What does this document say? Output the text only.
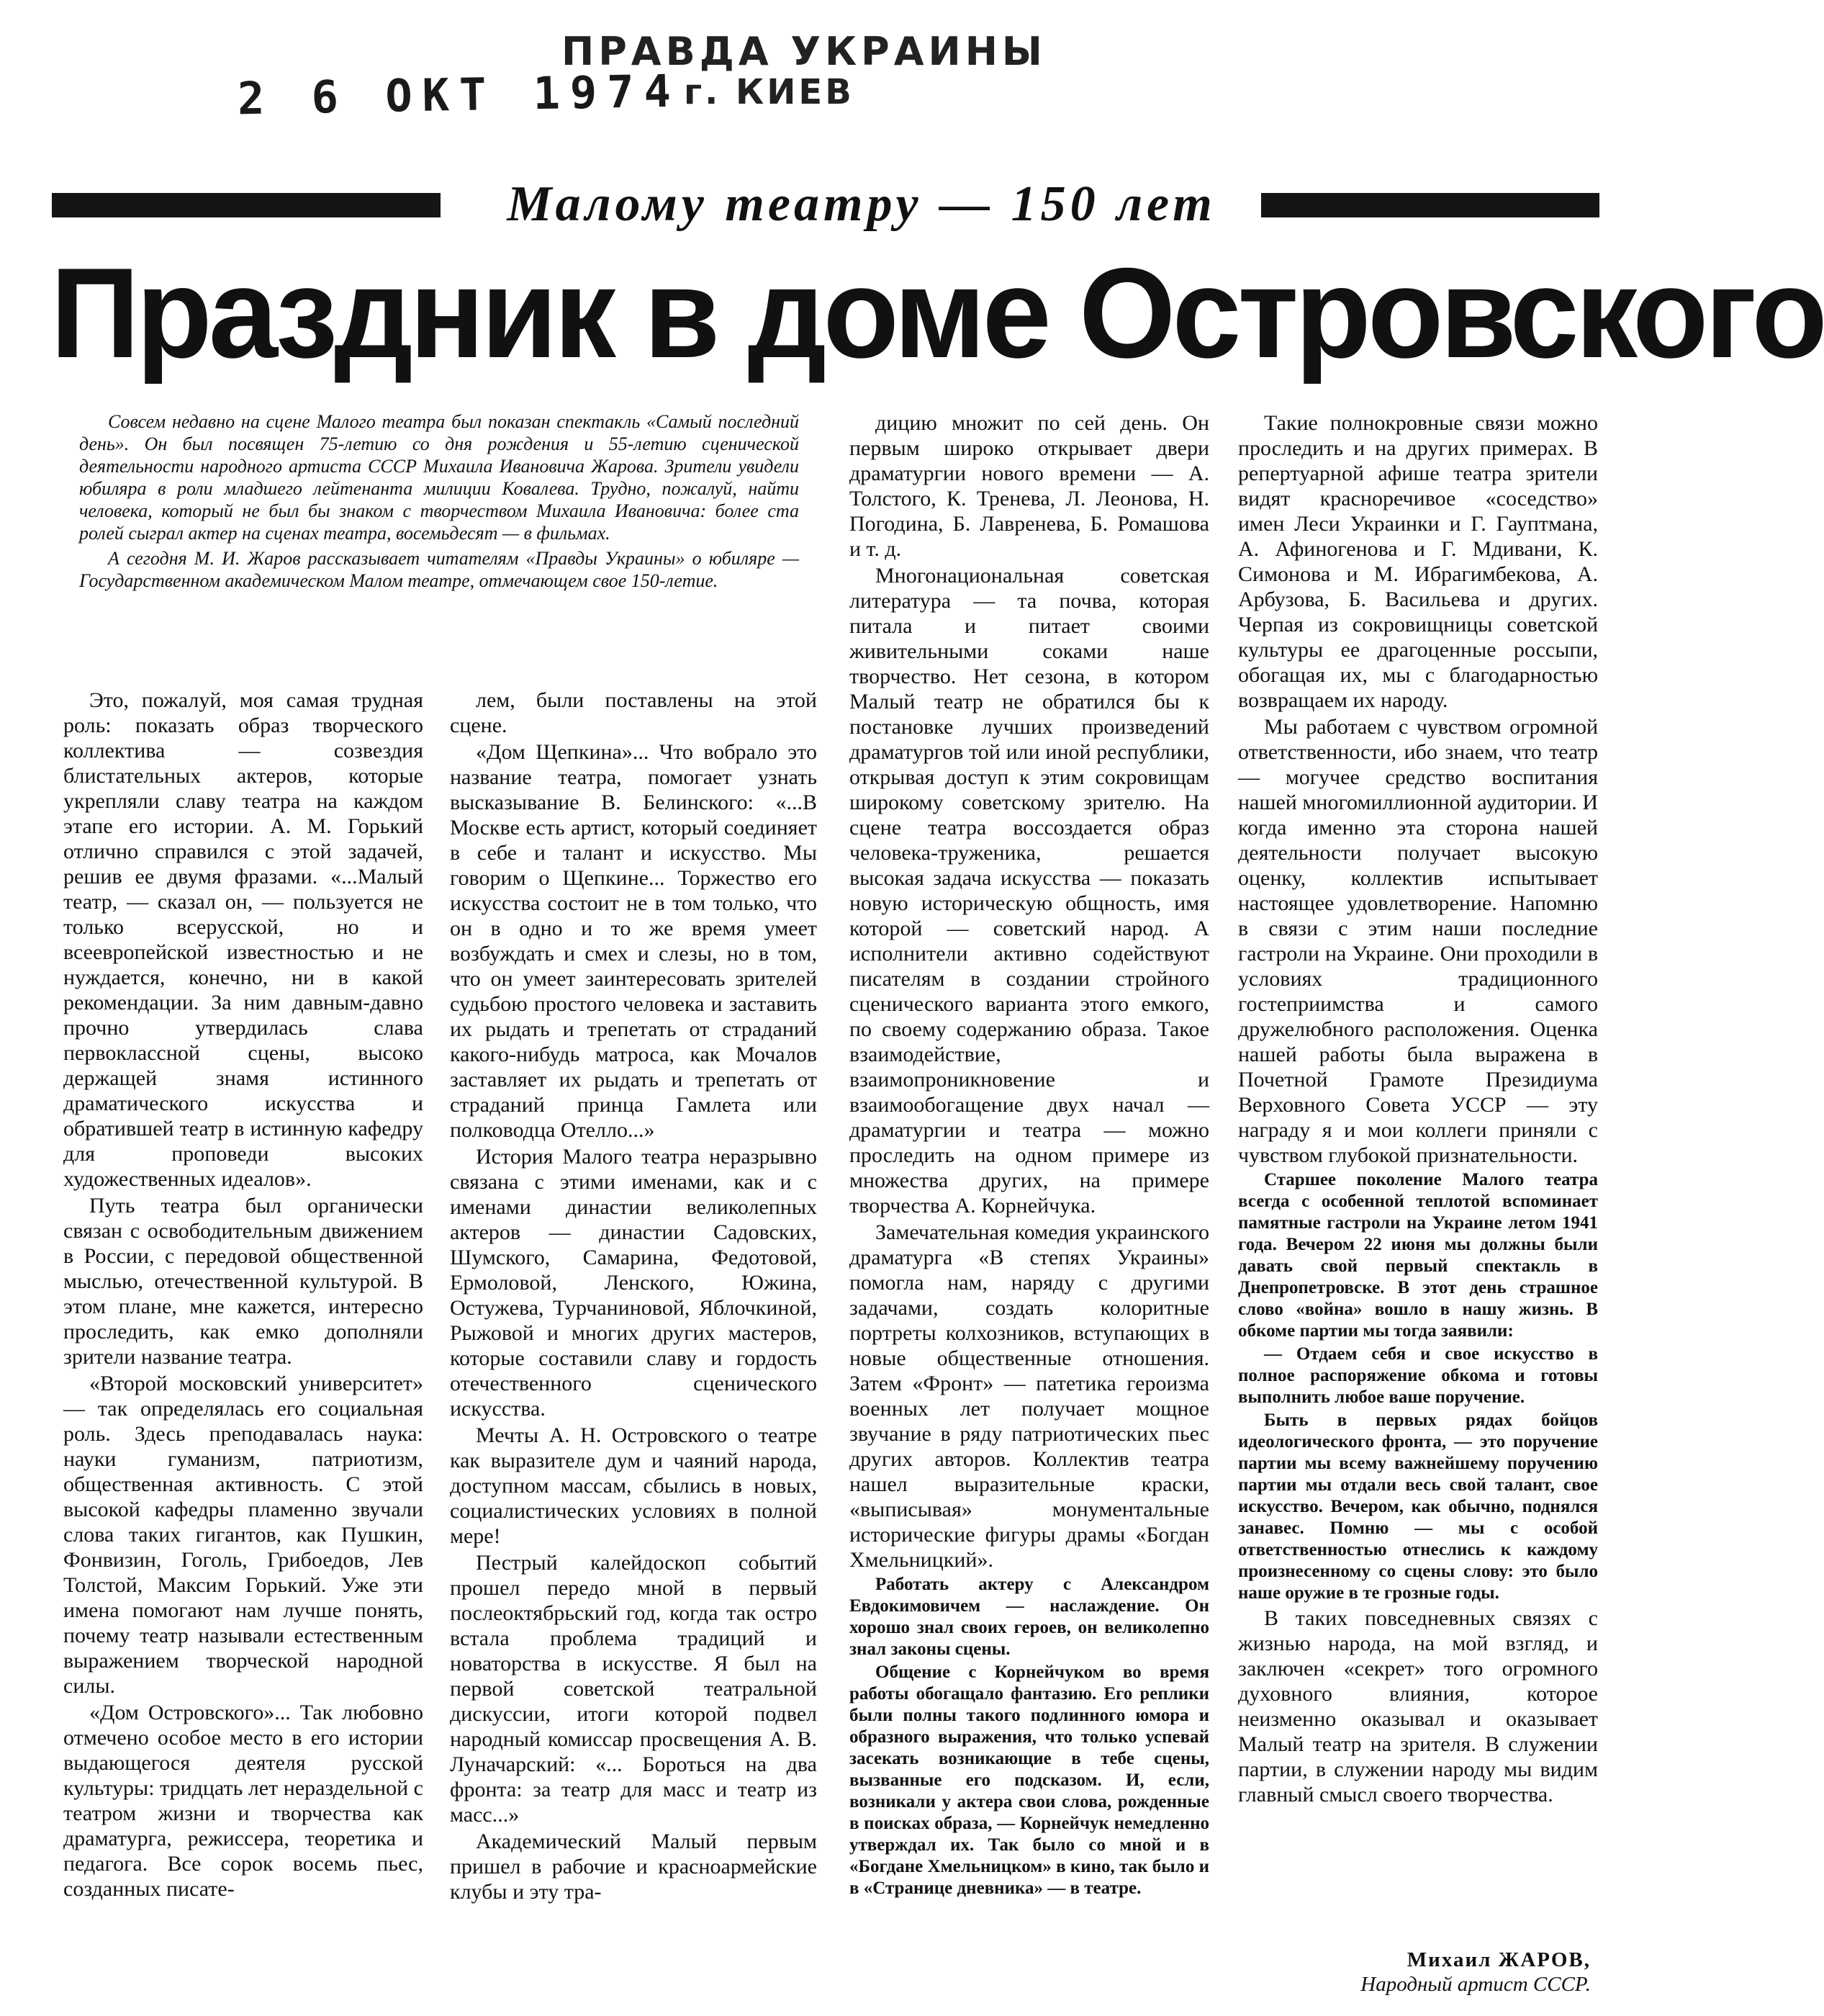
2 6 ОКТ 1974
ПРАВДА УКРАИНЫ
г. КИЕВ
Малому театру — 150 лет
Праздник в доме Островского

Совсем недавно на сцене Малого театра был показан спектакль «Самый последний день». Он был посвящен 75-летию со дня рождения и 55-летию сценической деятельности народного артиста СССР Михаила Ивановича Жарова. Зрители увидели юбиляра в роли младшего лейтенанта милиции Ковалева. Трудно, пожалуй, найти человека, который не был бы знаком с творчеством Михаила Ивановича: более ста ролей сыграл актер на сценах театра, восемьдесят — в фильмах.

А сегодня М. И. Жаров рассказывает читателям «Правды Украины» о юбиляре — Государственном академическом Малом театре, отмечающем свое 150-летие.

Это, пожалуй, моя самая трудная роль: показать образ творческого коллектива — созвездия блистательных актеров, которые укрепляли славу театра на каждом этапе его истории. А. М. Горький отлично справился с этой задачей, решив ее двумя фразами. «...Малый театр, — сказал он, — пользуется не только всерусской, но и всеевропейской известностью и не нуждается, конечно, ни в какой рекомендации. За ним давным-давно прочно утвердилась слава первоклассной сцены, высоко держащей знамя истинного драматического искусства и обратившей театр в истинную кафедру для проповеди высоких художественных идеалов».

Путь театра был органически связан с освободительным движением в России, с передовой общественной мыслью, отечественной культурой. В этом плане, мне кажется, интересно проследить, как емко дополняли зрители название театра.

«Второй московский университет» — так определялась его социальная роль. Здесь преподавалась наука: науки гуманизм, патриотизм, общественная активность. С этой высокой кафедры пламенно звучали слова таких гигантов, как Пушкин, Фонвизин, Гоголь, Грибоедов, Лев Толстой, Максим Горький. Уже эти имена помогают нам лучше понять, почему театр называли естественным выражением творческой народной силы.

«Дом Островского»... Так любовно отмечено особое место в его истории выдающегося деятеля русской культуры: тридцать лет нераздельной с театром жизни и творчества как драматурга, режиссера, теоретика и педагога. Все сорок восемь пьес, созданных писате-

лем, были поставлены на этой сцене.

«Дом Щепкина»... Что вобрало это название театра, помогает узнать высказывание В. Белинского: «...В Москве есть артист, который соединяет в себе и талант и искусство. Мы говорим о Щепкине... Торжество его искусства состоит не в том только, что он в одно и то же время умеет возбуждать и смех и слезы, но в том, что он умеет заинтересовать зрителей судьбою простого человека и заставить их рыдать и трепетать от страданий какого-нибудь матроса, как Мочалов заставляет их рыдать и трепетать от страданий принца Гамлета или полководца Отелло...»

История Малого театра неразрывно связана с этими именами, как и с именами династии великолепных актеров — династии Садовских, Шумского, Самарина, Федотовой, Ермоловой, Ленского, Южина, Остужева, Турчаниновой, Яблочкиной, Рыжовой и многих других мастеров, которые составили славу и гордость отечественного сценического искусства.

Мечты А. Н. Островского о театре как выразителе дум и чаяний народа, доступном массам, сбылись в новых, социалистических условиях в полной мере!

Пестрый калейдоскоп событий прошел передо мной в первый послеоктябрьский год, когда так остро встала проблема традиций и новаторства в искусстве. Я был на первой советской театральной дискуссии, итоги которой подвел народный комиссар просвещения А. В. Луначарский: «... Бороться на два фронта: за театр для масс и театр из масс...»

Академический Малый первым пришел в рабочие и красноармейские клубы и эту тра-

дицию множит по сей день. Он первым широко открывает двери драматургии нового времени — А. Толстого, К. Тренева, Л. Леонова, Н. Погодина, Б. Лавренева, Б. Ромашова и т. д.

Многонациональная советская литература — та почва, которая питала и питает своими живительными соками наше творчество. Нет сезона, в котором Малый театр не обратился бы к постановке лучших произведений драматургов той или иной республики, открывая доступ к этим сокровищам широкому советскому зрителю. На сцене театра воссоздается образ человека-труженика, решается высокая задача искусства — показать новую историческую общность, имя которой — советский народ. А исполнители активно содействуют писателям в создании стройного сценического варианта этого емкого, по своему содержанию образа. Такое взаимодействие, взаимопроникновение и взаимообогащение двух начал — драматургии и театра — можно проследить на одном примере из множества других, на примере творчества А. Корнейчука.

Замечательная комедия украинского драматурга «В степях Украины» помогла нам, наряду с другими задачами, создать колоритные портреты колхозников, вступающих в новые общественные отношения. Затем «Фронт» — патетика героизма военных лет получает мощное звучание в ряду патриотических пьес других авторов. Коллектив театра нашел выразительные краски, «выписывая» монументальные исторические фигуры драмы «Богдан Хмельницкий».

Работать актеру с Александром Евдокимовичем — наслаждение. Он хорошо знал своих героев, он великолепно знал законы сцены.

Общение с Корнейчуком во время работы обогащало фантазию. Его реплики были полны такого подлинного юмора и образного выражения, что только успевай засекать возникающие в тебе сцены, вызванные его подсказом. И, если, возникали у актера свои слова, рожденные в поисках образа, — Корнейчук немедленно утверждал их. Так было со мной и в «Богдане Хмельницком» в кино, так было и в «Странице дневника» — в театре.

Такие полнокровные связи можно проследить и на других примерах. В репертуарной афише театра зрители видят красноречивое «соседство» имен Леси Украинки и Г. Гауптмана, А. Афиногенова и Г. Мдивани, К. Симонова и М. Ибрагимбекова, А. Арбузова, Б. Васильева и других. Черпая из сокровищницы советской культуры ее драгоценные россыпи, обогащая их, мы с благодарностью возвращаем их народу.

Мы работаем с чувством огромной ответственности, ибо знаем, что театр — могучее средство воспитания нашей многомиллионной аудитории. И когда именно эта сторона нашей деятельности получает высокую оценку, коллектив испытывает настоящее удовлетворение. Напомню в связи с этим наши последние гастроли на Украине. Они проходили в условиях традиционного гостеприимства и самого дружелюбного расположения. Оценка нашей работы была выражена в Почетной Грамоте Президиума Верховного Совета УССР — эту награду я и мои коллеги приняли с чувством глубокой признательности.

Старшее поколение Малого театра всегда с особенной теплотой вспоминает памятные гастроли на Украине летом 1941 года. Вечером 22 июня мы должны были давать свой первый спектакль в Днепропетровске. В этот день страшное слово «война» вошло в нашу жизнь. В обкоме партии мы тогда заявили:

— Отдаем себя и свое искусство в полное распоряжение обкома и готовы выполнить любое ваше поручение.

Быть в первых рядах бойцов идеологического фронта, — это поручение партии мы всему важнейшему поручению партии мы отдали весь свой талант, свое искусство. Вечером, как обычно, поднялся занавес. Помню — мы с особой ответственностью отнеслись к каждому произнесенному со сцены слову: это было наше оружие в те грозные годы.

В таких повседневных связях с жизнью народа, на мой взгляд, и заключен «секрет» того огромного духовного влияния, которое неизменно оказывал и оказывает Малый театр на зрителя. В служении партии, в служении народу мы видим главный смысл своего творчества.

Михаил ЖАРОВ,
Народный артист СССР.
